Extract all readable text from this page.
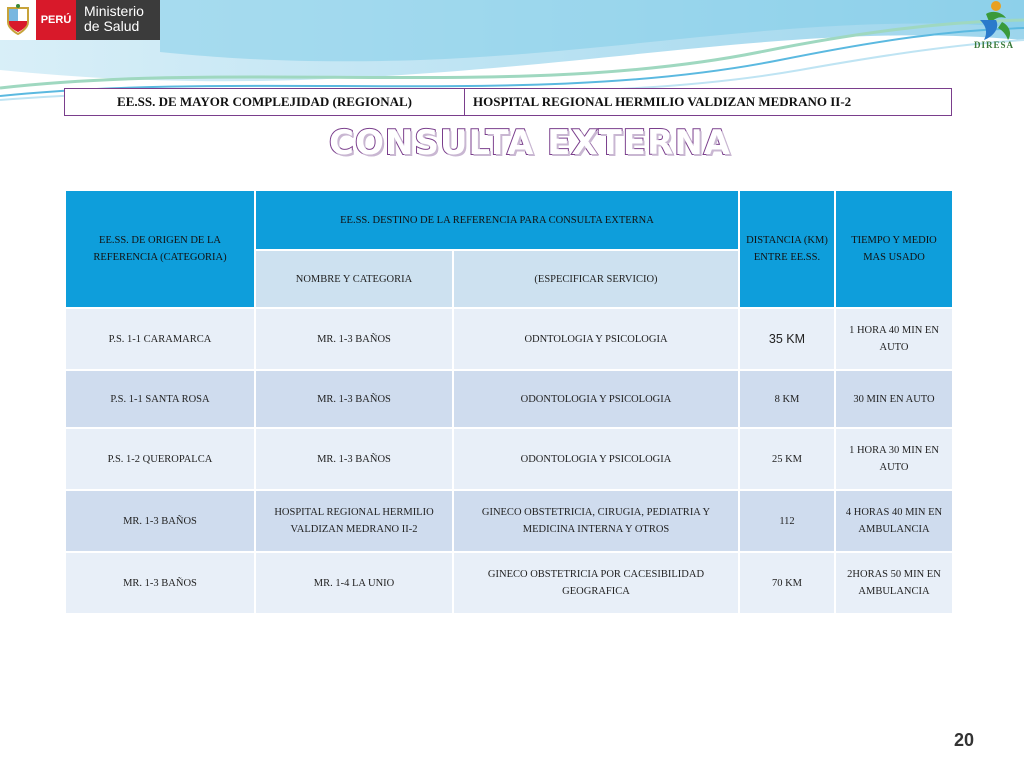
PERÚ
Ministerio
de Salud
DIRESA
EE.SS. DE MAYOR COMPLEJIDAD (REGIONAL)	HOSPITAL REGIONAL HERMILIO VALDIZAN MEDRANO II-2
CONSULTA EXTERNA
EE.SS. DE ORIGEN DE LA REFERENCIA (CATEGORIA)	EE.SS. DESTINO DE LA REFERENCIA PARA CONSULTA EXTERNA		DISTANCIA (KM) ENTRE EE.SS.	TIEMPO Y MEDIO MAS USADO
	NOMBRE Y CATEGORIA	(ESPECIFICAR SERVICIO)		
P.S. 1-1 CARAMARCA	MR. 1-3 BAÑOS	ODNTOLOGIA Y PSICOLOGIA	35 KM	1 HORA 40 MIN EN AUTO
P.S. 1-1 SANTA ROSA	MR. 1-3 BAÑOS	ODONTOLOGIA Y PSICOLOGIA	8 KM	30 MIN EN AUTO
P.S. 1-2 QUEROPALCA	MR. 1-3 BAÑOS	ODONTOLOGIA Y PSICOLOGIA	25 KM	1 HORA 30 MIN EN AUTO
MR. 1-3 BAÑOS	HOSPITAL REGIONAL HERMILIO VALDIZAN MEDRANO II-2	GINECO OBSTETRICIA, CIRUGIA, PEDIATRIA Y MEDICINA INTERNA Y OTROS	112	4 HORAS 40 MIN EN AMBULANCIA
MR. 1-3 BAÑOS	MR. 1-4 LA UNIO	GINECO OBSTETRICIA POR CACESIBILIDAD GEOGRAFICA	70 KM	2HORAS 50 MIN EN AMBULANCIA
20
